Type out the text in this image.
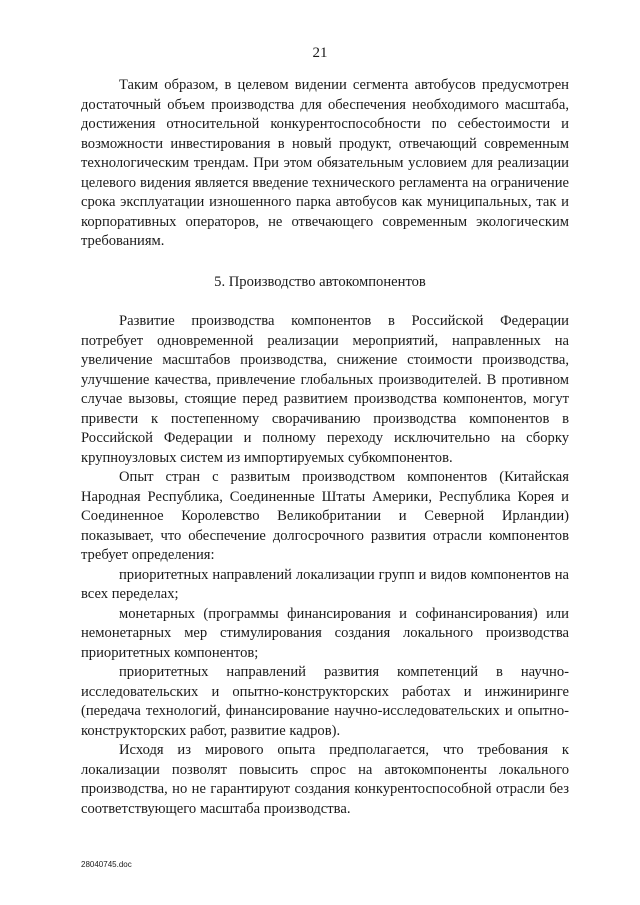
21

Таким образом, в целевом видении сегмента автобусов предусмотрен достаточный объем производства для обеспечения необходимого масштаба, достижения относительной конкурентоспособности по себестоимости и возможности инвестирования в новый продукт, отвечающий современным технологическим трендам. При этом обязательным условием для реализации целевого видения является введение технического регламента на ограничение срока эксплуатации изношенного парка автобусов как муниципальных, так и корпоративных операторов, не отвечающего современным экологическим требованиям.

5. Производство автокомпонентов

Развитие производства компонентов в Российской Федерации потребует одновременной реализации мероприятий, направленных на увеличение масштабов производства, снижение стоимости производства, улучшение качества, привлечение глобальных производителей. В противном случае вызовы, стоящие перед развитием производства компонентов, могут привести к постепенному сворачиванию производства компонентов в Российской Федерации и полному переходу исключительно на сборку крупноузловых систем из импортируемых субкомпонентов.

Опыт стран с развитым производством компонентов (Китайская Народная Республика, Соединенные Штаты Америки, Республика Корея и Соединенное Королевство Великобритании и Северной Ирландии) показывает, что обеспечение долгосрочного развития отрасли компонентов требует определения:

приоритетных направлений локализации групп и видов компонентов на всех переделах;

монетарных (программы финансирования и софинансирования) или немонетарных мер стимулирования создания локального производства приоритетных компонентов;

приоритетных направлений развития компетенций в научно-исследовательских и опытно-конструкторских работах и инжиниринге (передача технологий, финансирование научно-исследовательских и опытно-конструкторских работ, развитие кадров).

Исходя из мирового опыта предполагается, что требования к локализации позволят повысить спрос на автокомпоненты локального производства, но не гарантируют создания конкурентоспособной отрасли без соответствующего масштаба производства.

28040745.doc
